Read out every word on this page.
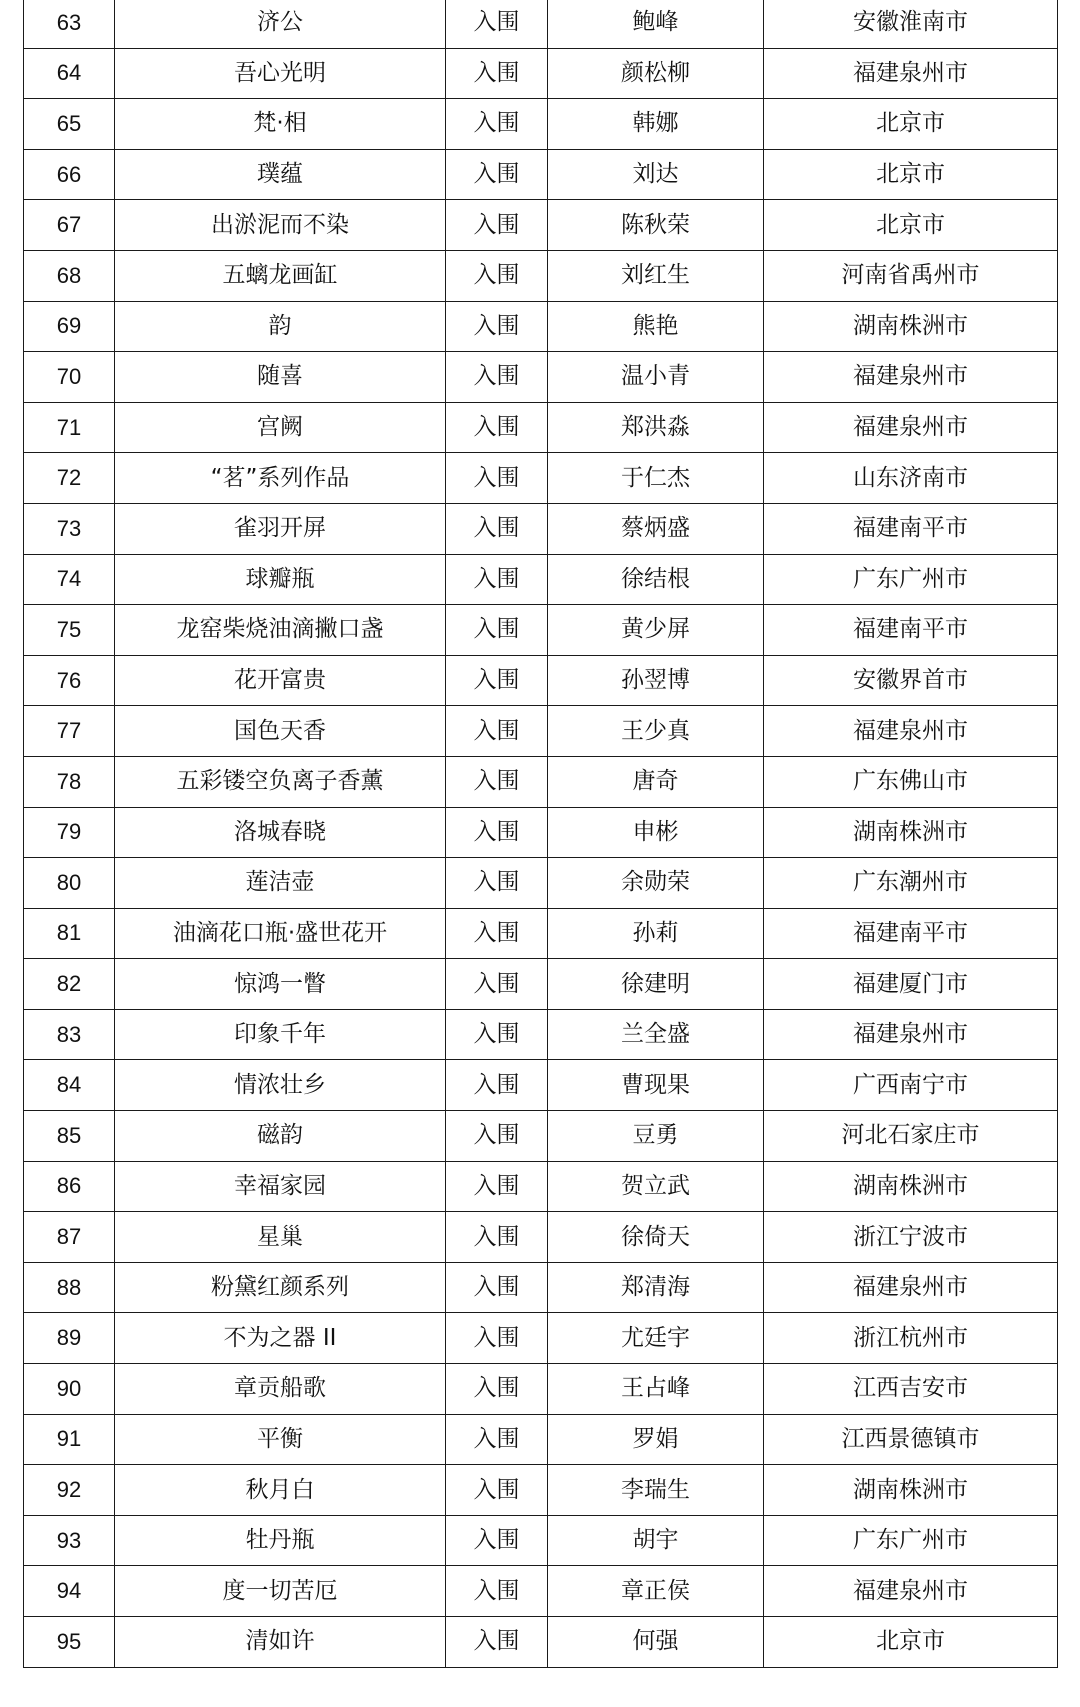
63	济公	入围	鲍峰	安徽淮南市
64	吾心光明	入围	颜松柳	福建泉州市
65	梵·相	入围	韩娜	北京市
66	璞蕴	入围	刘达	北京市
67	出淤泥而不染	入围	陈秋荣	北京市
68	五螭龙画缸	入围	刘红生	河南省禹州市
69	韵	入围	熊艳	湖南株洲市
70	随喜	入围	温小青	福建泉州市
71	宫阙	入围	郑洪淼	福建泉州市
72	“茗”系列作品	入围	于仁杰	山东济南市
73	雀羽开屏	入围	蔡炳盛	福建南平市
74	球瓣瓶	入围	徐结根	广东广州市
75	龙窑柴烧油滴撇口盏	入围	黄少屏	福建南平市
76	花开富贵	入围	孙翌博	安徽界首市
77	国色天香	入围	王少真	福建泉州市
78	五彩镂空负离子香薰	入围	唐奇	广东佛山市
79	洛城春晓	入围	申彬	湖南株洲市
80	莲洁壶	入围	余勋荣	广东潮州市
81	油滴花口瓶·盛世花开	入围	孙莉	福建南平市
82	惊鸿一瞥	入围	徐建明	福建厦门市
83	印象千年	入围	兰全盛	福建泉州市
84	情浓壮乡	入围	曹现果	广西南宁市
85	磁韵	入围	豆勇	河北石家庄市
86	幸福家园	入围	贺立武	湖南株洲市
87	星巢	入围	徐倚天	浙江宁波市
88	粉黛红颜系列	入围	郑清海	福建泉州市
89	不为之器 II	入围	尤廷宇	浙江杭州市
90	章贡船歌	入围	王占峰	江西吉安市
91	平衡	入围	罗娟	江西景德镇市
92	秋月白	入围	李瑞生	湖南株洲市
93	牡丹瓶	入围	胡宇	广东广州市
94	度一切苦厄	入围	章正侯	福建泉州市
95	清如许	入围	何强	北京市
